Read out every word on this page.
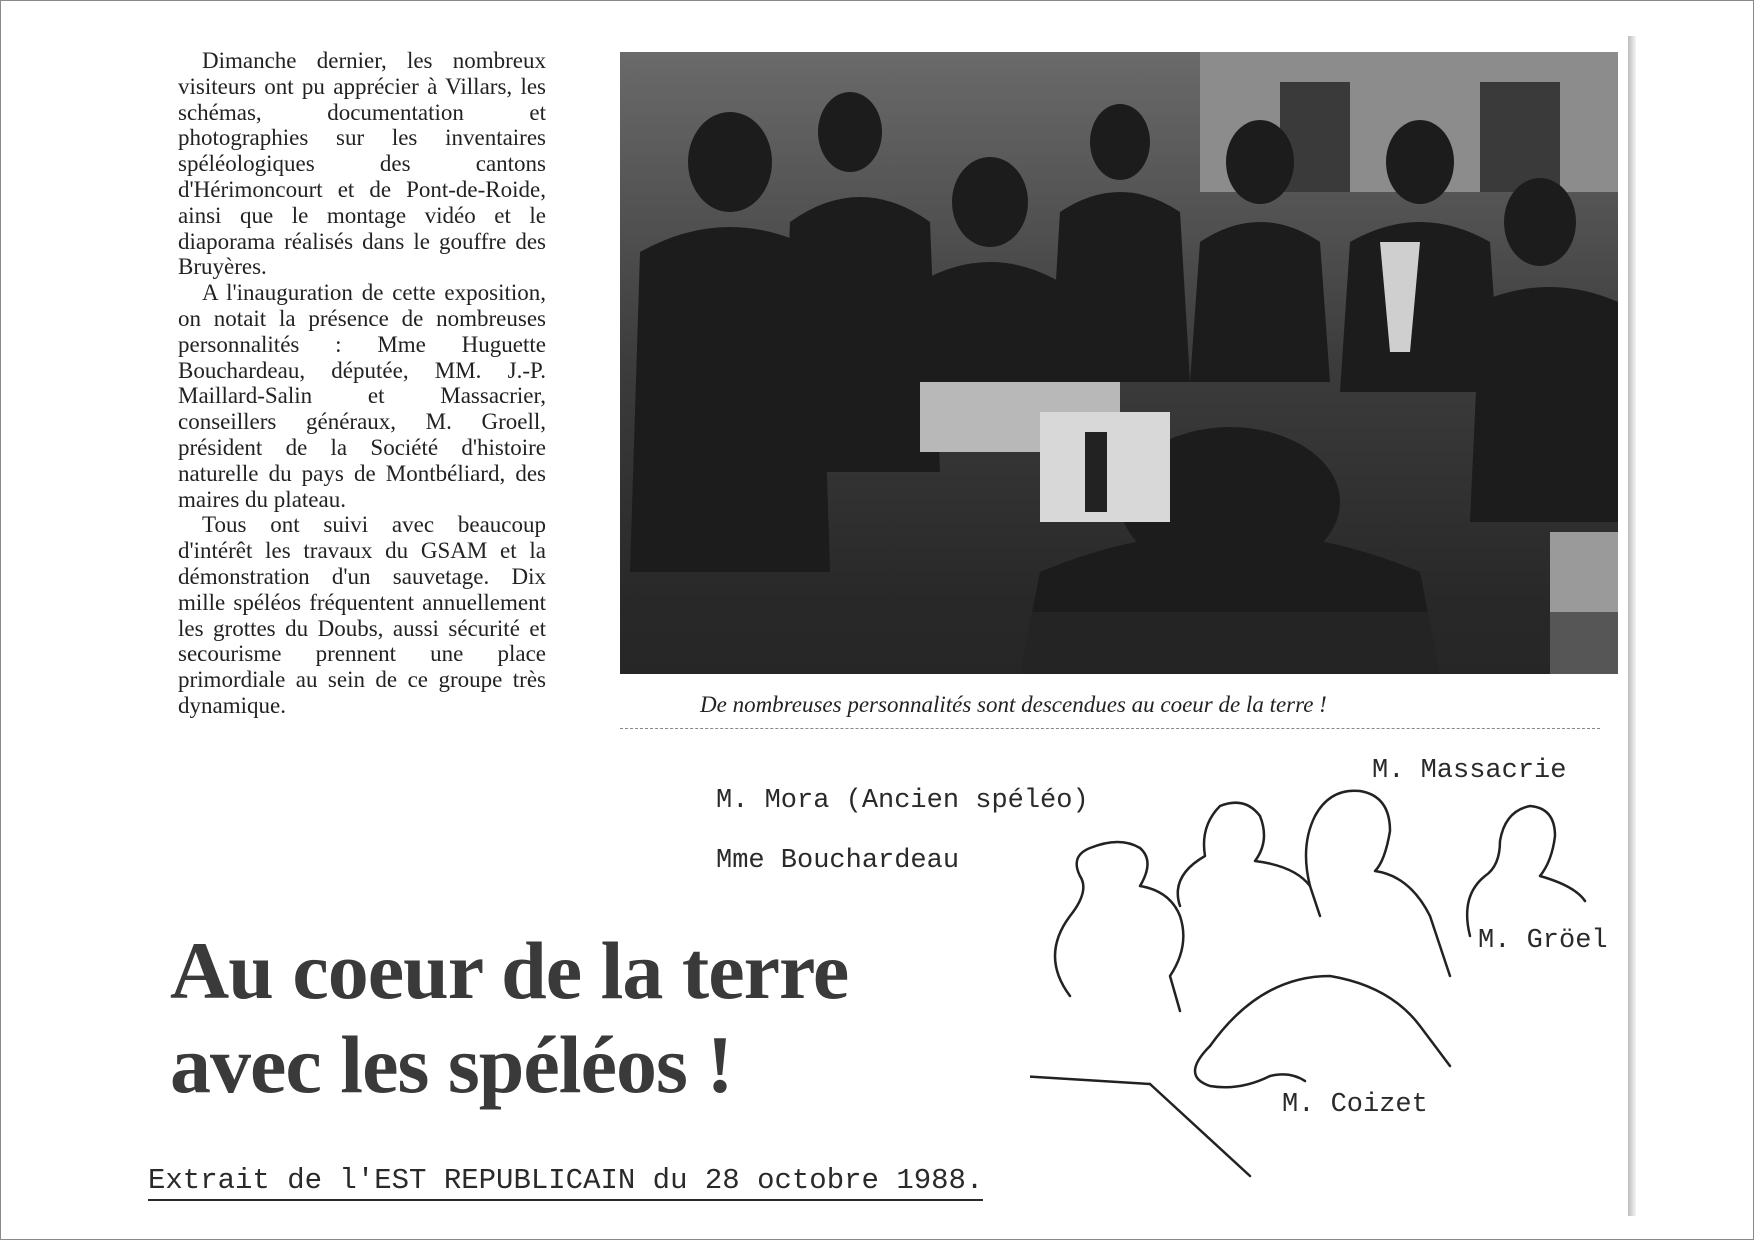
Dimanche dernier, les nombreux visiteurs ont pu apprécier à Villars, les schémas, documentation et photographies sur les inventaires spéléologiques des cantons d'Hérimoncourt et de Pont-de-Roide, ainsi que le montage vidéo et le diaporama réalisés dans le gouffre des Bruyères.

A l'inauguration de cette exposition, on notait la présence de nombreuses personnalités : Mme Huguette Bouchardeau, députée, MM. J.-P. Maillard-Salin et Massacrier, conseillers généraux, M. Groell, président de la Société d'histoire naturelle du pays de Montbéliard, des maires du plateau.

Tous ont suivi avec beaucoup d'intérêt les travaux du GSAM et la démonstration d'un sauvetage. Dix mille spéléos fréquentent annuellement les grottes du Doubs, aussi sécurité et secourisme prennent une place primordiale au sein de ce groupe très dynamique.	De nombreuses personnalités sont descendues au coeur de la terre !
Au coeur de la terre
avec les spéléos !
M. Mora (Ancien spéléo)
Mme Bouchardeau
M. Massacrie
M. Gröel
M. Coizet
Extrait de l'EST REPUBLICAIN du 28 octobre 1988.
